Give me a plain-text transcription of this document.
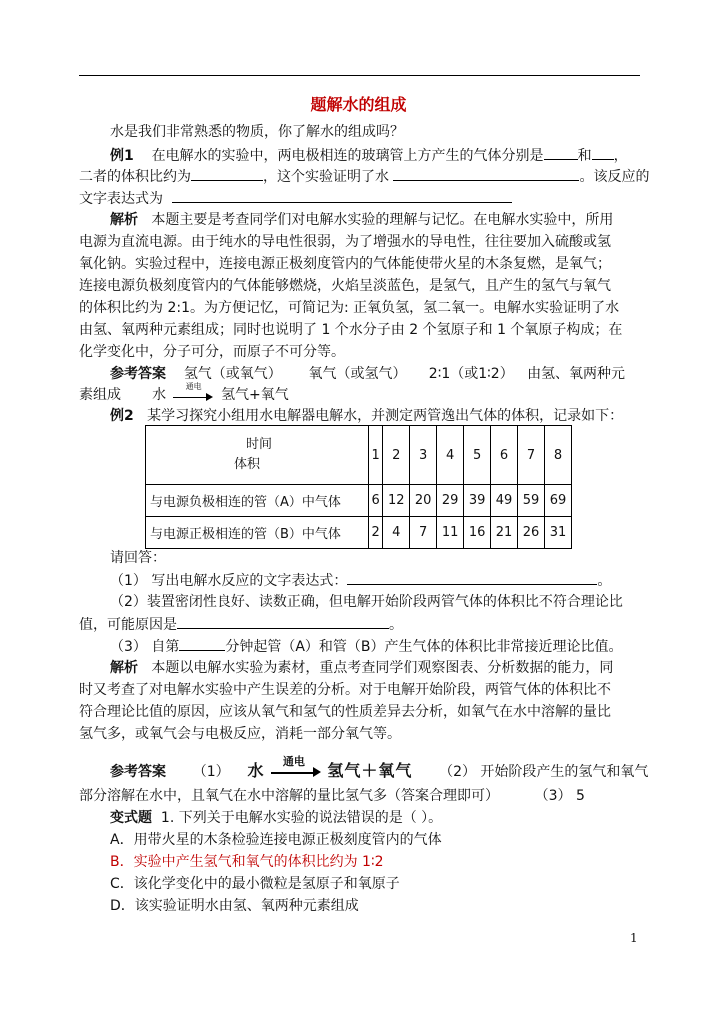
题解水的组成
水是我们非常熟悉的物质，你了解水的组成吗？
例1 在电解水的实验中，两电极相连的玻璃管上方产生的气体分别是 和 ，
二者的体积比约为	，这个实验证明了水	。该反应的
文字表达式为
解析 本题主要是考查同学们对电解水实验的理解与记忆。在电解水实验中，所用
电源为直流电源。由于纯水的导电性很弱，为了增强水的导电性，往往要加入硫酸或氢
氧化钠。实验过程中，连接电源正极刻度管内的气体能使带火星的木条复燃，是氧气；
连接电源负极刻度管内的气体能够燃烧，火焰呈淡蓝色，是氢气，且产生的氢气与氧气
的体积比约为 2:1。为方便记忆，可简记为: 正氧负氢，氢二氧一。电解水实验证明了水
由氢、氧两种元素组成；同时也说明了 1 个水分子由 2 个氢原子和 1 个氧原子构成；在
化学变化中，分子可分，而原子不可分等。
参考答案 氢气（或氧气） 氧气（或氢气） 2∶1（或1∶2） 由氢、氧两种元
素组成 水
通电
氢气+氧气
例2 某学习探究小组用水电解器电解水，并测定两管逸出气体的体积，记录如下：
时间
体积	1	2	3	4	5	6	7	8
与电源负极相连的管（A）中气体	6	12	20	29	39	49	59	69
与电源正极相连的管（B）中气体	2	4	7	11	16	21	26	31
请回答：
（1） 写出电解水反应的文字表达式：	。
（2）装置密闭性良好、读数正确，但电解开始阶段两管气体的体积比不符合理论比
值，可能原因是	。
（3） 自第	分钟起管（A）和管（B）产生气体的体积比非常接近理论比值。
解析 本题以电解水实验为素材，重点考查同学们观察图表、分析数据的能力，同
时又考查了对电解水实验中产生误差的分析。对于电解开始阶段，两管气体的体积比不
符合理论比值的原因，应该从氧气和氢气的性质差异去分析，如氧气在水中溶解的量比
氢气多，或氧气会与电极反应，消耗一部分氧气等。
参考答案 （1） 水	通电	氢气＋氧气 （2） 开始阶段产生的氢气和氧气
部分溶解在水中，且氧气在水中溶解的量比氢气多（答案合理即可）	（3） 5
变式题 1. 下列关于电解水实验的说法错误的是（ ）。
A．用带火星的木条检验连接电源正极刻度管内的气体
B．实验中产生氢气和氧气的体积比约为 1∶2
C．该化学变化中的最小微粒是氢原子和氧原子
D．该实验证明水由氢、氧两种元素组成
1
